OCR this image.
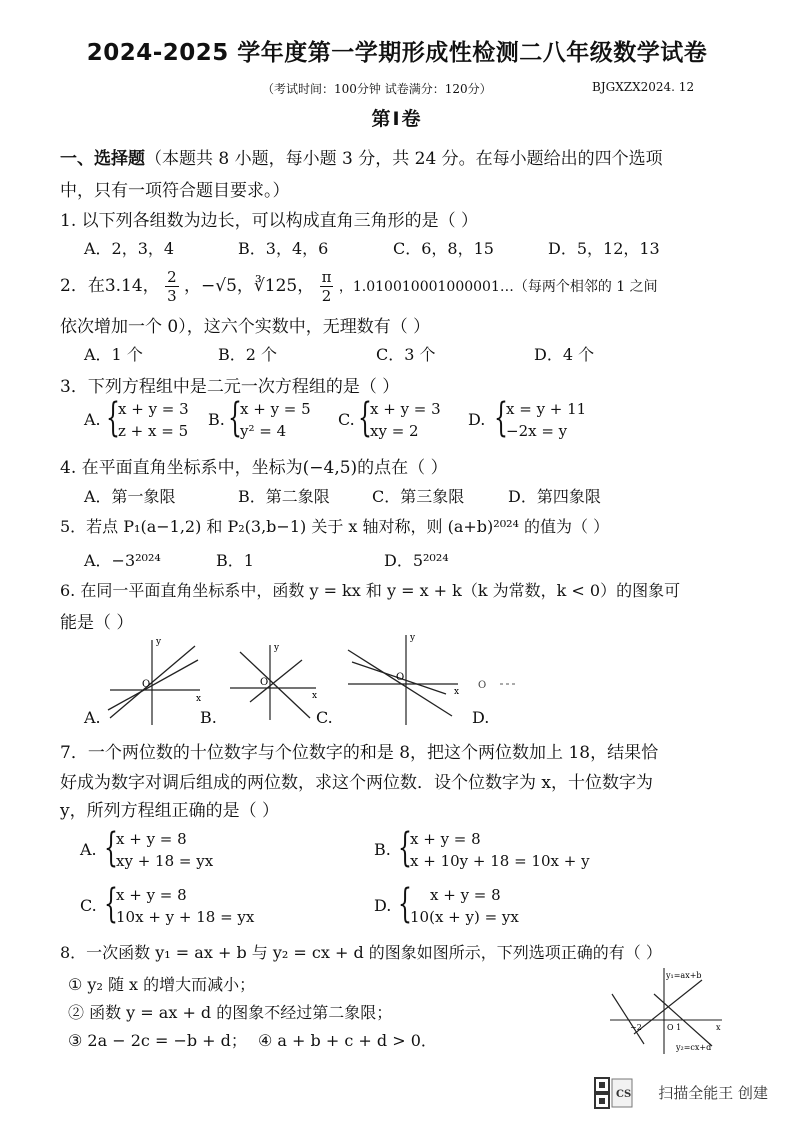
2024-2025 学年度第一学期形成性检测二八年级数学试卷
（考试时间：100分钟 试卷满分：120分）	BJGXZX2024. 12
第Ⅰ卷
一、选择题（本题共 8 小题，每小题 3 分，共 24 分。在每小题给出的四个选项
中，只有一项符合题目要求。）
1. 以下列各组数为边长，可以构成直角三角形的是（ ）
A．2，3，4	B．3，4，6	C．6，8，15	D．5，12，13
2．在3.14， $\frac{2}{3}$ ，−√5，∛125， $\frac{\pi}{2}$ ，1.010010001000001…（每两个相邻的 1 之间
依次增加一个 0），这六个实数中，无理数有（ ）
A．1 个	B．2 个	C．3 个	D．4 个
3．下列方程组中是二元一次方程组的是（ ）
A. {
x + y = 3
z + x = 5
B. {
x + y = 5
y² = 4
C. {
x + y = 3
xy = 2
D. {
x = y + 11
−2x = y
4. 在平面直角坐标系中，坐标为(−4,5)的点在（ ）
A．第一象限	B．第二象限	C．第三象限	D．第四象限
5．若点 P₁(a−1,2) 和 P₂(3,b−1) 关于 x 轴对称，则 (a+b)²⁰²⁴ 的值为（ ）
A．−3²⁰²⁴	B．1	D．5²⁰²⁴
6. 在同一平面直角坐标系中，函数 y = kx 和 y = x + k（k 为常数，k < 0）的图象可
能是（ ）
O
y
x
O
y
x
O
y
x
O
A.	B.	C.	D.
7．一个两位数的十位数字与个位数字的和是 8，把这个两位数加上 18，结果恰
好成为数字对调后组成的两位数，求这个两位数．设个位数字为 x，十位数字为
y，所列方程组正确的是（ ）
A. {
x + y = 8
xy + 18 = yx
B. {
x + y = 8
x + 10y + 18 = 10x + y
C. {
x + y = 8
10x + y + 18 = yx
D. {	x + y = 8
10(x + y) = yx
8．一次函数 y₁ = ax + b 与 y₂ = cx + d 的图象如图所示，下列选项正确的有（ ）
① y₂ 随 x 的增大而减小；
② 函数 y = ax + d 的图象不经过第二象限；
③ 2a − 2c = −b + d； ④ a + b + c + d > 0．
y₁=ax+b
y₂=cx+d
−2	O 1	x
CS 扫描全能王 创建
